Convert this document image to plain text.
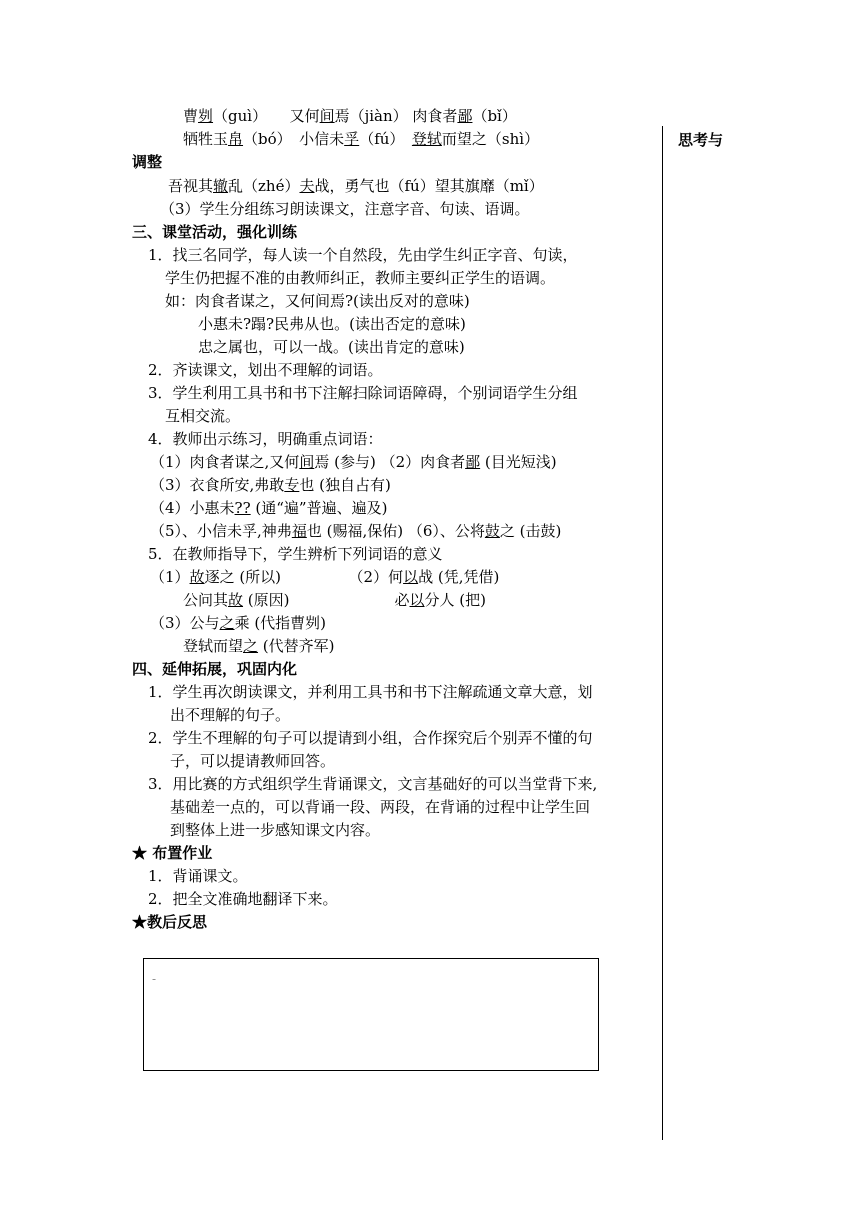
思考与
曹刿（guì）　　又何间焉（jiàn） 肉食者鄙（bǐ）
牺牲玉帛（bó）　小信未孚（fú）　登轼而望之（shì）
调整
吾视其辙乱（zhé）夫战，勇气也（fú）望其旗靡（mǐ）
（3）学生分组练习朗读课文，注意字音、句读、语调。
三、课堂活动，强化训练
1．找三名同学，每人读一个自然段，先由学生纠正字音、句读，
学生仍把握不准的由教师纠正，教师主要纠正学生的语调。
如：肉食者谋之，又何间焉?(读出反对的意味)
小惠未?蹋?民弗从也。(读出否定的意味)
忠之属也，可以一战。(读出肯定的意味)
2．齐读课文，划出不理解的词语。
3．学生利用工具书和书下注解扫除词语障碍，个别词语学生分组
互相交流。
4．教师出示练习，明确重点词语：
（1）肉食者谋之,又何间焉 (参与) （2）肉食者鄙 (目光短浅)
（3）衣食所安,弗敢专也 (独自占有)
（4）小惠未?? (通“遍”普遍、遍及)
（5）、小信未孚,神弗福也 (赐福,保佑) （6）、公将鼓之 (击鼓)
5．在教师指导下，学生辨析下列词语的意义
（1）故逐之 (所以)　　　　　（2）何以战 (凭,凭借)
公问其故 (原因)　　　　　　　必以分人 (把)
（3）公与之乘 (代指曹刿)
登轼而望之 (代替齐军)
四、延伸拓展，巩固内化
1．学生再次朗读课文，并利用工具书和书下注解疏通文章大意，划
出不理解的句子。
2．学生不理解的句子可以提请到小组，合作探究后个别弄不懂的句
子，可以提请教师回答。
3．用比赛的方式组织学生背诵课文，文言基础好的可以当堂背下来,
基础差一点的，可以背诵一段、两段，在背诵的过程中让学生回
到整体上进一步感知课文内容。
★ 布置作业
1．背诵课文。
2．把全文准确地翻译下来。
★教后反思
-
